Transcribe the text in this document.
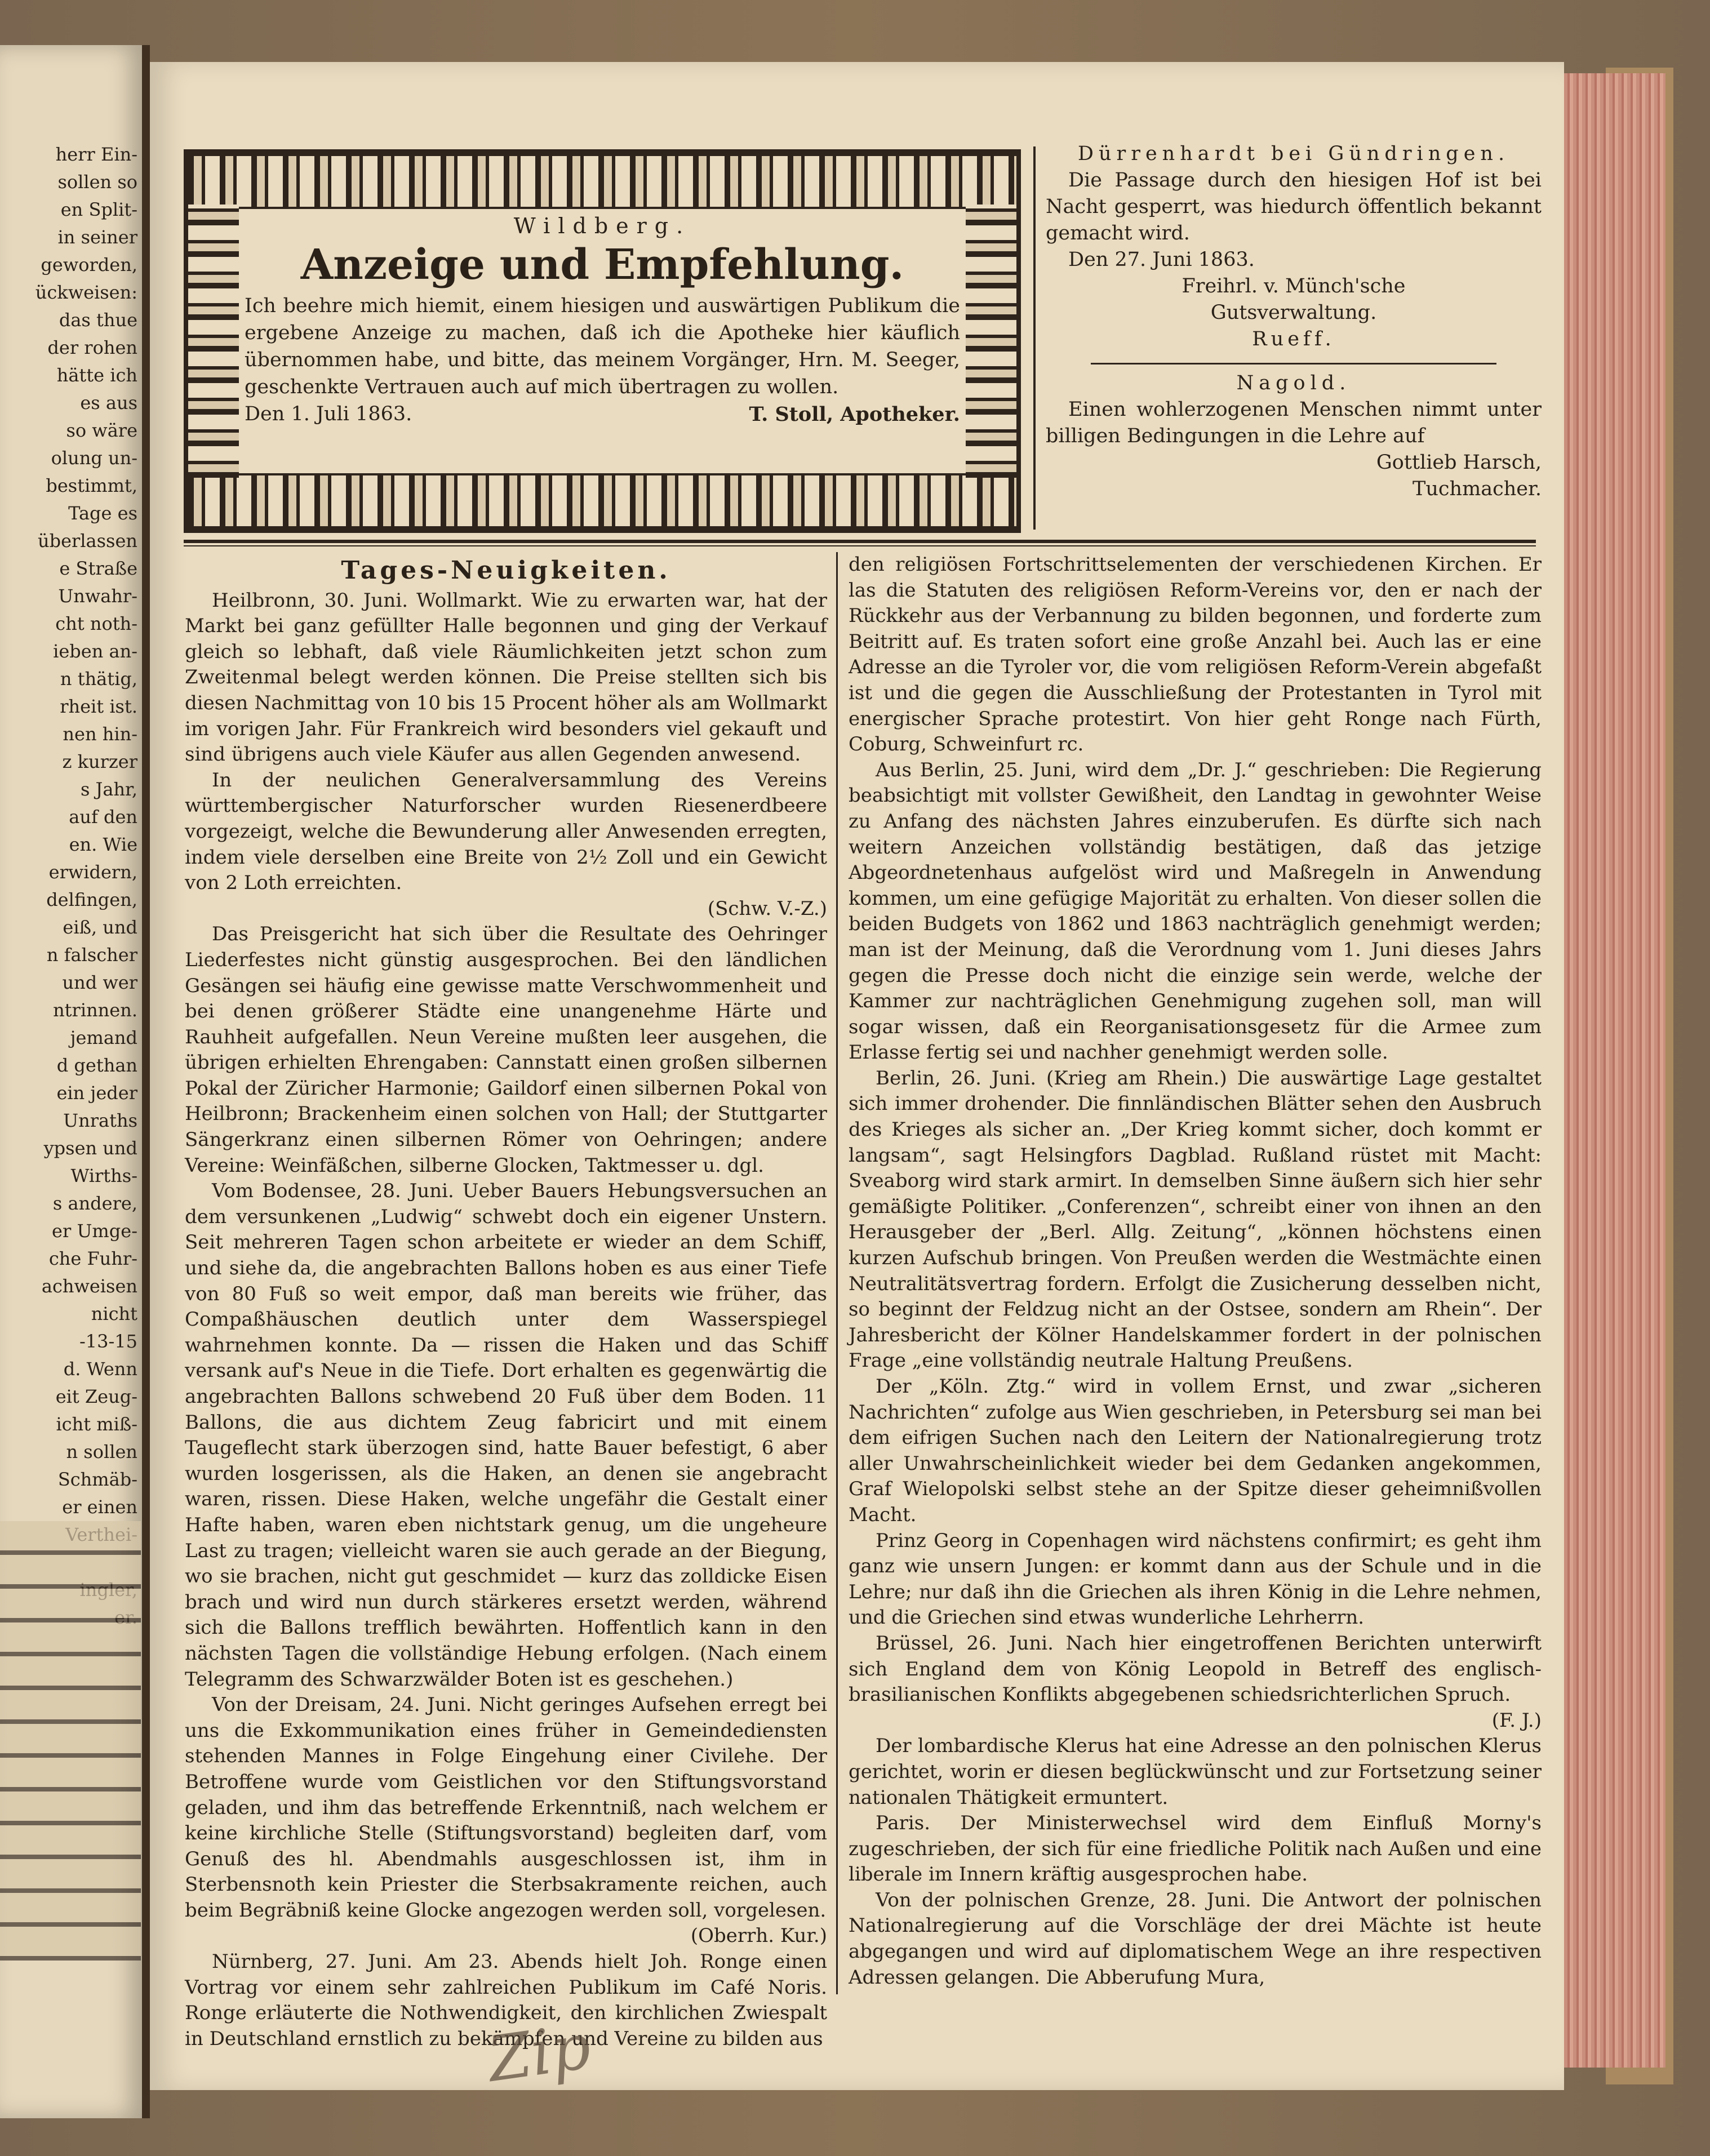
herr Ein-
sollen so
en Split-
in seiner
geworden,
ückweisen:
das thue
der rohen
hätte ich
es aus
so wäre
olung un-
bestimmt,
Tage es
überlassen
e Straße
Unwahr-
cht noth-
ieben an-
n thätig,
rheit ist.
nen hin-
z kurzer
s Jahr,
auf den
en. Wie
erwidern,
delfingen,
eiß, und
n falscher
und wer
ntrinnen.
jemand
d gethan
ein jeder
Unraths
ypsen und
Wirths-
s andere,
er Umge-
che Fuhr-
achweisen
nicht
-13-15
d. Wenn
eit Zeug-
icht miß-
n sollen
Schmäb-
er einen

Wildberg.
Anzeige und Empfehlung.
Ich beehre mich hiemit, einem hiesigen und auswärtigen Publikum die ergebene Anzeige zu machen, daß ich die Apotheke hier käuflich übernommen habe, und bitte, das meinem Vorgänger, Hrn. M. Seeger, geschenkte Vertrauen auch auf mich übertragen zu wollen.
Den 1. Juli 1863.	T. Stoll, Apotheker.
Dürrenhardt bei Gündringen.

Die Passage durch den hiesigen Hof ist bei Nacht gesperrt, was hiedurch öffentlich bekannt gemacht wird.

Den 27. Juni 1863.
Freihrl. v. Münch'sche
Gutsverwaltung.
Rueff.
Nagold.

Einen wohlerzogenen Menschen nimmt unter billigen Bedingungen in die Lehre auf

Gottlieb Harsch,
Tuchmacher.
Tages-Neuigkeiten.

Heilbronn, 30. Juni. Wollmarkt. Wie zu erwarten war, hat der Markt bei ganz gefüllter Halle begonnen und ging der Verkauf gleich so lebhaft, daß viele Räumlichkeiten jetzt schon zum Zweitenmal belegt werden können. Die Preise stellten sich bis diesen Nachmittag von 10 bis 15 Procent höher als am Wollmarkt im vorigen Jahr. Für Frankreich wird besonders viel gekauft und sind übrigens auch viele Käufer aus allen Gegenden anwesend.

In der neulichen Generalversammlung des Vereins württembergischer Naturforscher wurden Riesenerdbeere vorgezeigt, welche die Bewunderung aller Anwesenden erregten, indem viele derselben eine Breite von 2½ Zoll und ein Gewicht von 2 Loth erreichten.

(Schw. V.-Z.)

Das Preisgericht hat sich über die Resultate des Oehringer Liederfestes nicht günstig ausgesprochen. Bei den ländlichen Gesängen sei häufig eine gewisse matte Verschwommenheit und bei denen größerer Städte eine unangenehme Härte und Rauhheit aufgefallen. Neun Vereine mußten leer ausgehen, die übrigen erhielten Ehrengaben: Cannstatt einen großen silbernen Pokal der Züricher Harmonie; Gaildorf einen silbernen Pokal von Heilbronn; Brackenheim einen solchen von Hall; der Stuttgarter Sängerkranz einen silbernen Römer von Oehringen; andere Vereine: Weinfäßchen, silberne Glocken, Taktmesser u. dgl.

Vom Bodensee, 28. Juni. Ueber Bauers Hebungsversuchen an dem versunkenen „Ludwig“ schwebt doch ein eigener Unstern. Seit mehreren Tagen schon arbeitete er wieder an dem Schiff, und siehe da, die angebrachten Ballons hoben es aus einer Tiefe von 80 Fuß so weit empor, daß man bereits wie früher, das Compaßhäuschen deutlich unter dem Wasserspiegel wahrnehmen konnte. Da — rissen die Haken und das Schiff versank auf's Neue in die Tiefe. Dort erhalten es gegenwärtig die angebrachten Ballons schwebend 20 Fuß über dem Boden. 11 Ballons, die aus dichtem Zeug fabricirt und mit einem Taugeflecht stark überzogen sind, hatte Bauer befestigt, 6 aber wurden losgerissen, als die Haken, an denen sie angebracht waren, rissen. Diese Haken, welche ungefähr die Gestalt einer Hafte haben, waren eben nichtstark genug, um die ungeheure Last zu tragen; vielleicht waren sie auch gerade an der Biegung, wo sie brachen, nicht gut geschmidet — kurz das zolldicke Eisen brach und wird nun durch stärkeres ersetzt werden, während sich die Ballons trefflich bewährten. Hoffentlich kann in den nächsten Tagen die vollständige Hebung erfolgen. (Nach einem Telegramm des Schwarzwälder Boten ist es geschehen.)

Von der Dreisam, 24. Juni. Nicht geringes Aufsehen erregt bei uns die Exkommunikation eines früher in Gemeindediensten stehenden Mannes in Folge Eingehung einer Civilehe. Der Betroffene wurde vom Geistlichen vor den Stiftungsvorstand geladen, und ihm das betreffende Erkenntniß, nach welchem er keine kirchliche Stelle (Stiftungsvorstand) begleiten darf, vom Genuß des hl. Abendmahls ausgeschlossen ist, ihm in Sterbensnoth kein Priester die Sterbsakramente reichen, auch beim Begräbniß keine Glocke angezogen werden soll, vorgelesen.

(Oberrh. Kur.)

Nürnberg, 27. Juni. Am 23. Abends hielt Joh. Ronge einen Vortrag vor einem sehr zahlreichen Publikum im Café Noris. Ronge erläuterte die Nothwendigkeit, den kirchlichen Zwiespalt in Deutschland ernstlich zu bekämpfen und Vereine zu bilden aus

den religiösen Fortschrittselementen der verschiedenen Kirchen. Er las die Statuten des religiösen Reform-Vereins vor, den er nach der Rückkehr aus der Verbannung zu bilden begonnen, und forderte zum Beitritt auf. Es traten sofort eine große Anzahl bei. Auch las er eine Adresse an die Tyroler vor, die vom religiösen Reform-Verein abgefaßt ist und die gegen die Ausschließung der Protestanten in Tyrol mit energischer Sprache protestirt. Von hier geht Ronge nach Fürth, Coburg, Schweinfurt rc.

Aus Berlin, 25. Juni, wird dem „Dr. J.“ geschrieben: Die Regierung beabsichtigt mit vollster Gewißheit, den Landtag in gewohnter Weise zu Anfang des nächsten Jahres einzuberufen. Es dürfte sich nach weitern Anzeichen vollständig bestätigen, daß das jetzige Abgeordnetenhaus aufgelöst wird und Maßregeln in Anwendung kommen, um eine gefügige Majorität zu erhalten. Von dieser sollen die beiden Budgets von 1862 und 1863 nachträglich genehmigt werden; man ist der Meinung, daß die Verordnung vom 1. Juni dieses Jahrs gegen die Presse doch nicht die einzige sein werde, welche der Kammer zur nachträglichen Genehmigung zugehen soll, man will sogar wissen, daß ein Reorganisationsgesetz für die Armee zum Erlasse fertig sei und nachher genehmigt werden solle.

Berlin, 26. Juni. (Krieg am Rhein.) Die auswärtige Lage gestaltet sich immer drohender. Die finnländischen Blätter sehen den Ausbruch des Krieges als sicher an. „Der Krieg kommt sicher, doch kommt er langsam“, sagt Helsingfors Dagblad. Rußland rüstet mit Macht: Sveaborg wird stark armirt. In demselben Sinne äußern sich hier sehr gemäßigte Politiker. „Conferenzen“, schreibt einer von ihnen an den Herausgeber der „Berl. Allg. Zeitung“, „können höchstens einen kurzen Aufschub bringen. Von Preußen werden die Westmächte einen Neutralitätsvertrag fordern. Erfolgt die Zusicherung desselben nicht, so beginnt der Feldzug nicht an der Ostsee, sondern am Rhein“. Der Jahresbericht der Kölner Handelskammer fordert in der polnischen Frage „eine vollständig neutrale Haltung Preußens.

Der „Köln. Ztg.“ wird in vollem Ernst, und zwar „sicheren Nachrichten“ zufolge aus Wien geschrieben, in Petersburg sei man bei dem eifrigen Suchen nach den Leitern der Nationalregierung trotz aller Unwahrscheinlichkeit wieder bei dem Gedanken angekommen, Graf Wielopolski selbst stehe an der Spitze dieser geheimnißvollen Macht.

Prinz Georg in Copenhagen wird nächstens confirmirt; es geht ihm ganz wie unsern Jungen: er kommt dann aus der Schule und in die Lehre; nur daß ihn die Griechen als ihren König in die Lehre nehmen, und die Griechen sind etwas wunderliche Lehrherrn.

Brüssel, 26. Juni. Nach hier eingetroffenen Berichten unterwirft sich England dem von König Leopold in Betreff des englisch-brasilianischen Konflikts abgegebenen schiedsrichterlichen Spruch.

(F. J.)

Der lombardische Klerus hat eine Adresse an den polnischen Klerus gerichtet, worin er diesen beglückwünscht und zur Fortsetzung seiner nationalen Thätigkeit ermuntert.

Paris. Der Ministerwechsel wird dem Einfluß Morny's zugeschrieben, der sich für eine friedliche Politik nach Außen und eine liberale im Innern kräftig ausgesprochen habe.

Von der polnischen Grenze, 28. Juni. Die Antwort der polnischen Nationalregierung auf die Vorschläge der drei Mächte ist heute abgegangen und wird auf diplomatischem Wege an ihre respectiven Adressen gelangen. Die Abberufung Mura,

Zip
